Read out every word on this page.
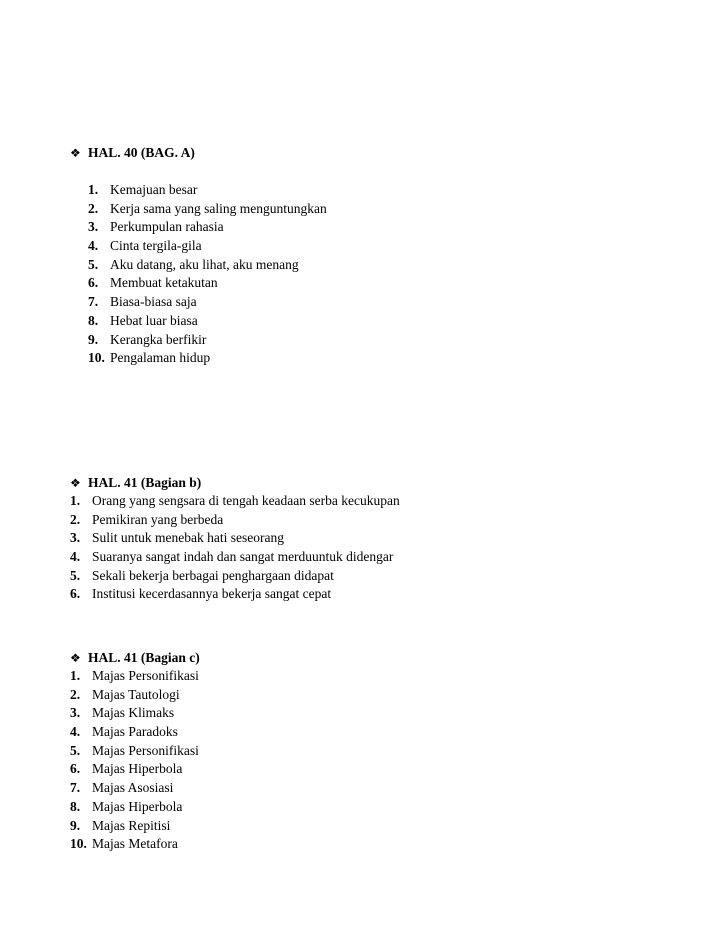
❖ HAL. 40 (BAG. A)
1. Kemajuan besar
2. Kerja sama yang saling menguntungkan
3. Perkumpulan rahasia
4. Cinta tergila-gila
5. Aku datang, aku lihat, aku menang
6. Membuat ketakutan
7. Biasa-biasa saja
8. Hebat luar biasa
9. Kerangka berfikir
10. Pengalaman hidup
❖ HAL. 41 (Bagian b)
1. Orang yang sengsara di tengah keadaan serba kecukupan
2. Pemikiran yang berbeda
3. Sulit untuk menebak hati seseorang
4. Suaranya sangat indah dan sangat merduuntuk didengar
5. Sekali bekerja berbagai penghargaan didapat
6. Institusi kecerdasannya bekerja sangat cepat
❖ HAL. 41 (Bagian c)
1. Majas Personifikasi
2. Majas Tautologi
3. Majas Klimaks
4. Majas Paradoks
5. Majas Personifikasi
6. Majas Hiperbola
7. Majas Asosiasi
8. Majas Hiperbola
9. Majas Repitisi
10. Majas Metafora
